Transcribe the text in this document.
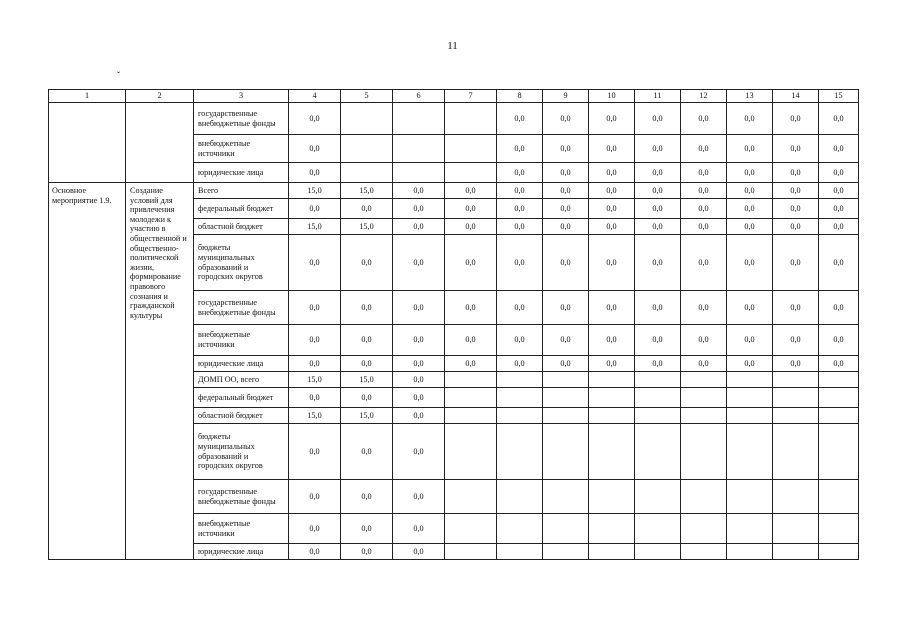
11
ˇ
1	2	3	4	5	6	7	8	9	10	11	12	13	14	15
		государственные внебюджетные фонды	0,0				0,0	0,0	0,0	0,0	0,0	0,0	0,0	0,0
		внебюджетные источники	0,0				0,0	0,0	0,0	0,0	0,0	0,0	0,0	0,0
		юридические лица	0,0				0,0	0,0	0,0	0,0	0,0	0,0	0,0	0,0
Основное мероприятие 1.9.	Создание условий для привлечения молодежи к участию в общественной и общественно-политической жизни, формирование правового сознания и гражданской культуры	Всего	15,0	15,0	0,0	0,0	0,0	0,0	0,0	0,0	0,0	0,0	0,0	0,0
		федеральный бюджет	0,0	0,0	0,0	0,0	0,0	0,0	0,0	0,0	0,0	0,0	0,0	0,0
		областной бюджет	15,0	15,0	0,0	0,0	0,0	0,0	0,0	0,0	0,0	0,0	0,0	0,0
		бюджеты муниципальных образований и городских округов	0,0	0,0	0,0	0,0	0,0	0,0	0,0	0,0	0,0	0,0	0,0	0,0
		государственные внебюджетные фонды	0,0	0,0	0,0	0,0	0,0	0,0	0,0	0,0	0,0	0,0	0,0	0,0
		внебюджетные источники	0,0	0,0	0,0	0,0	0,0	0,0	0,0	0,0	0,0	0,0	0,0	0,0
		юридические лица	0,0	0,0	0,0	0,0	0,0	0,0	0,0	0,0	0,0	0,0	0,0	0,0
		ДОМП ОО, всего	15,0	15,0	0,0									
		федеральный бюджет	0,0	0,0	0,0									
		областной бюджет	15,0	15,0	0,0									
		бюджеты муниципальных образований и городских округов	0,0	0,0	0,0									
		государственные внебюджетные фонды	0,0	0,0	0,0									
		внебюджетные источники	0,0	0,0	0,0									
		юридические лица	0,0	0,0	0,0									
